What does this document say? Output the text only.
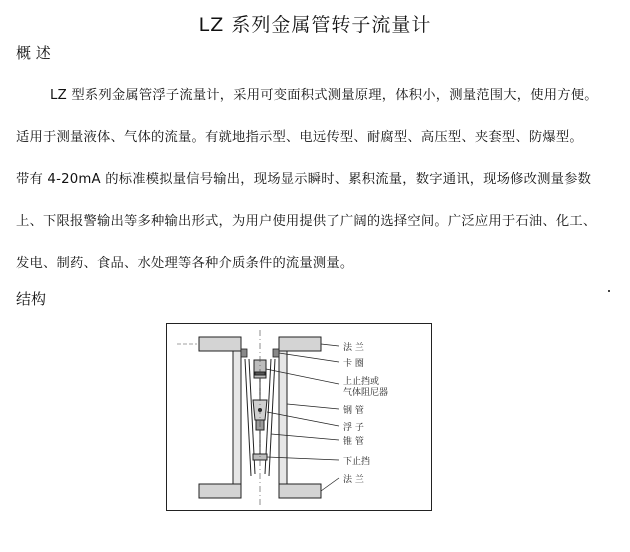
LZ 系列金属管转子流量计
概 述
LZ 型系列金属管浮子流量计，采用可变面积式测量原理，体积小，测量范围大，使用方便。
适用于测量液体、气体的流量。有就地指示型、电远传型、耐腐型、高压型、夹套型、防爆型。
带有 4-20mA 的标准模拟量信号输出，现场显示瞬时、累积流量，数字通讯，现场修改测量参数
上、下限报警输出等多种输出形式，为用户使用提供了广阔的选择空间。广泛应用于石油、化工、
发电、制药、食品、水处理等各种介质条件的流量测量。
结构
法 兰
卡 圈
上止挡或
气体阻尼器
钢 管
浮 子
锥 管
下止挡
法 兰
